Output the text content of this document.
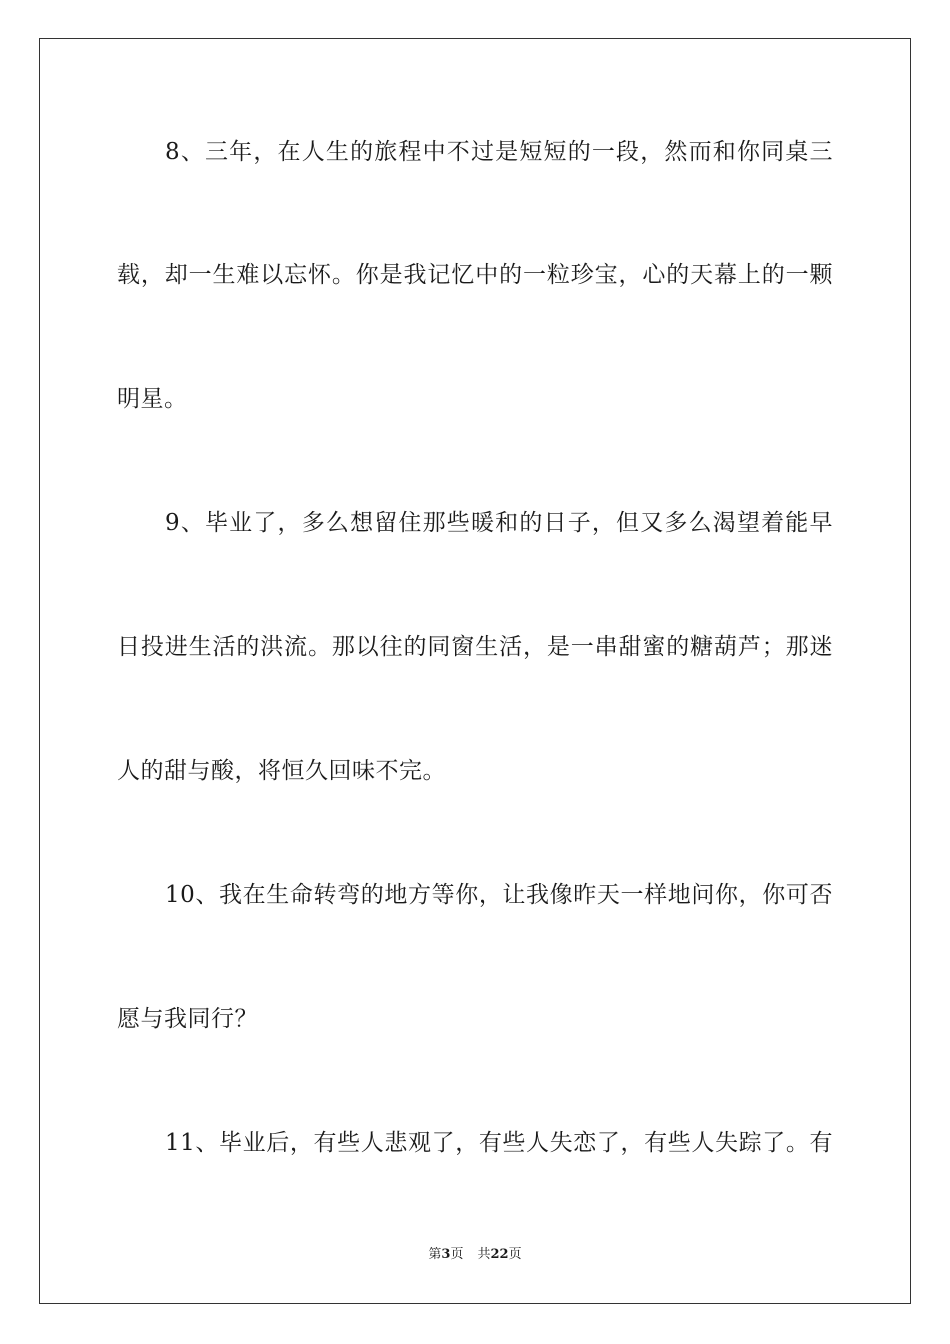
8、三年，在人生的旅程中不过是短短的一段，然而和你同桌三
载，却一生难以忘怀。你是我记忆中的一粒珍宝，心的天幕上的一颗
明星。
9、毕业了，多么想留住那些暖和的日子，但又多么渴望着能早
日投进生活的洪流。那以往的同窗生活，是一串甜蜜的糖葫芦；那迷
人的甜与酸，将恒久回味不完。
10、我在生命转弯的地方等你，让我像昨天一样地问你，你可否
愿与我同行？
11、毕业后，有些人悲观了，有些人失恋了，有些人失踪了。有
第3页 共22页
